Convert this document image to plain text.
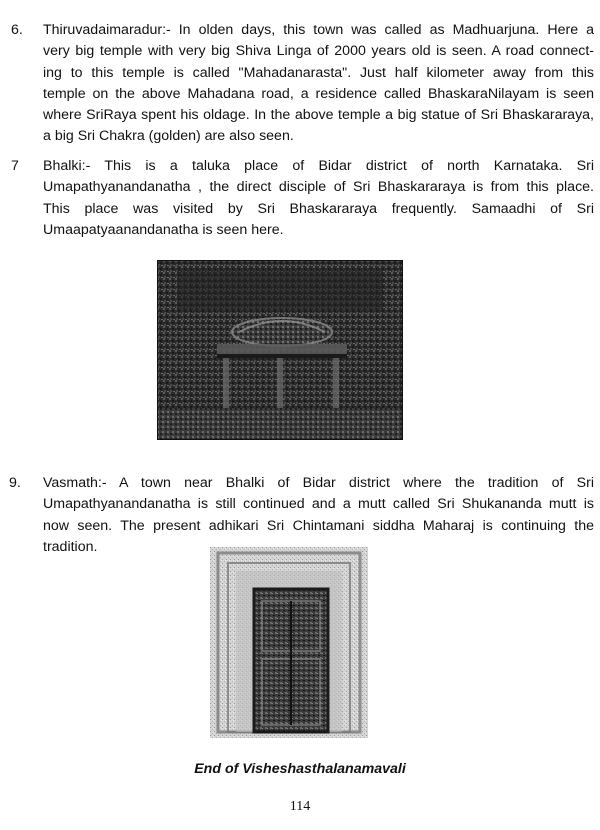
6. Thiruvadaimaradur:- In olden days, this town was called as Madhuarjuna. Here a
very big temple with very big Shiva Linga of 2000 years old is seen. A road connect-
ing to this temple is called "Mahadanarasta". Just half kilometer away from this
temple on the above Mahadana road, a residence called BhaskaraNilayam is seen
where SriRaya spent his oldage. In the above temple a big statue of Sri Bhaskararaya,
a big Sri Chakra (golden) are also seen.

7 Bhalki:- This is a taluka place of Bidar district of north Karnataka. Sri
Umapathyanandanatha , the direct disciple of Sri Bhaskararaya is from this place.
This place was visited by Sri Bhaskararaya frequently. Samaadhi of Sri
Umaapatyaanandanatha is seen here.

9. Vasmath:- A town near Bhalki of Bidar district where the tradition of Sri
Umapathyanandanatha is still continued and a mutt called Sri Shukananda mutt is
now seen. The present adhikari Sri Chintamani siddha Maharaj is continuing the
tradition.

End of Visheshasthalanamavali
114
